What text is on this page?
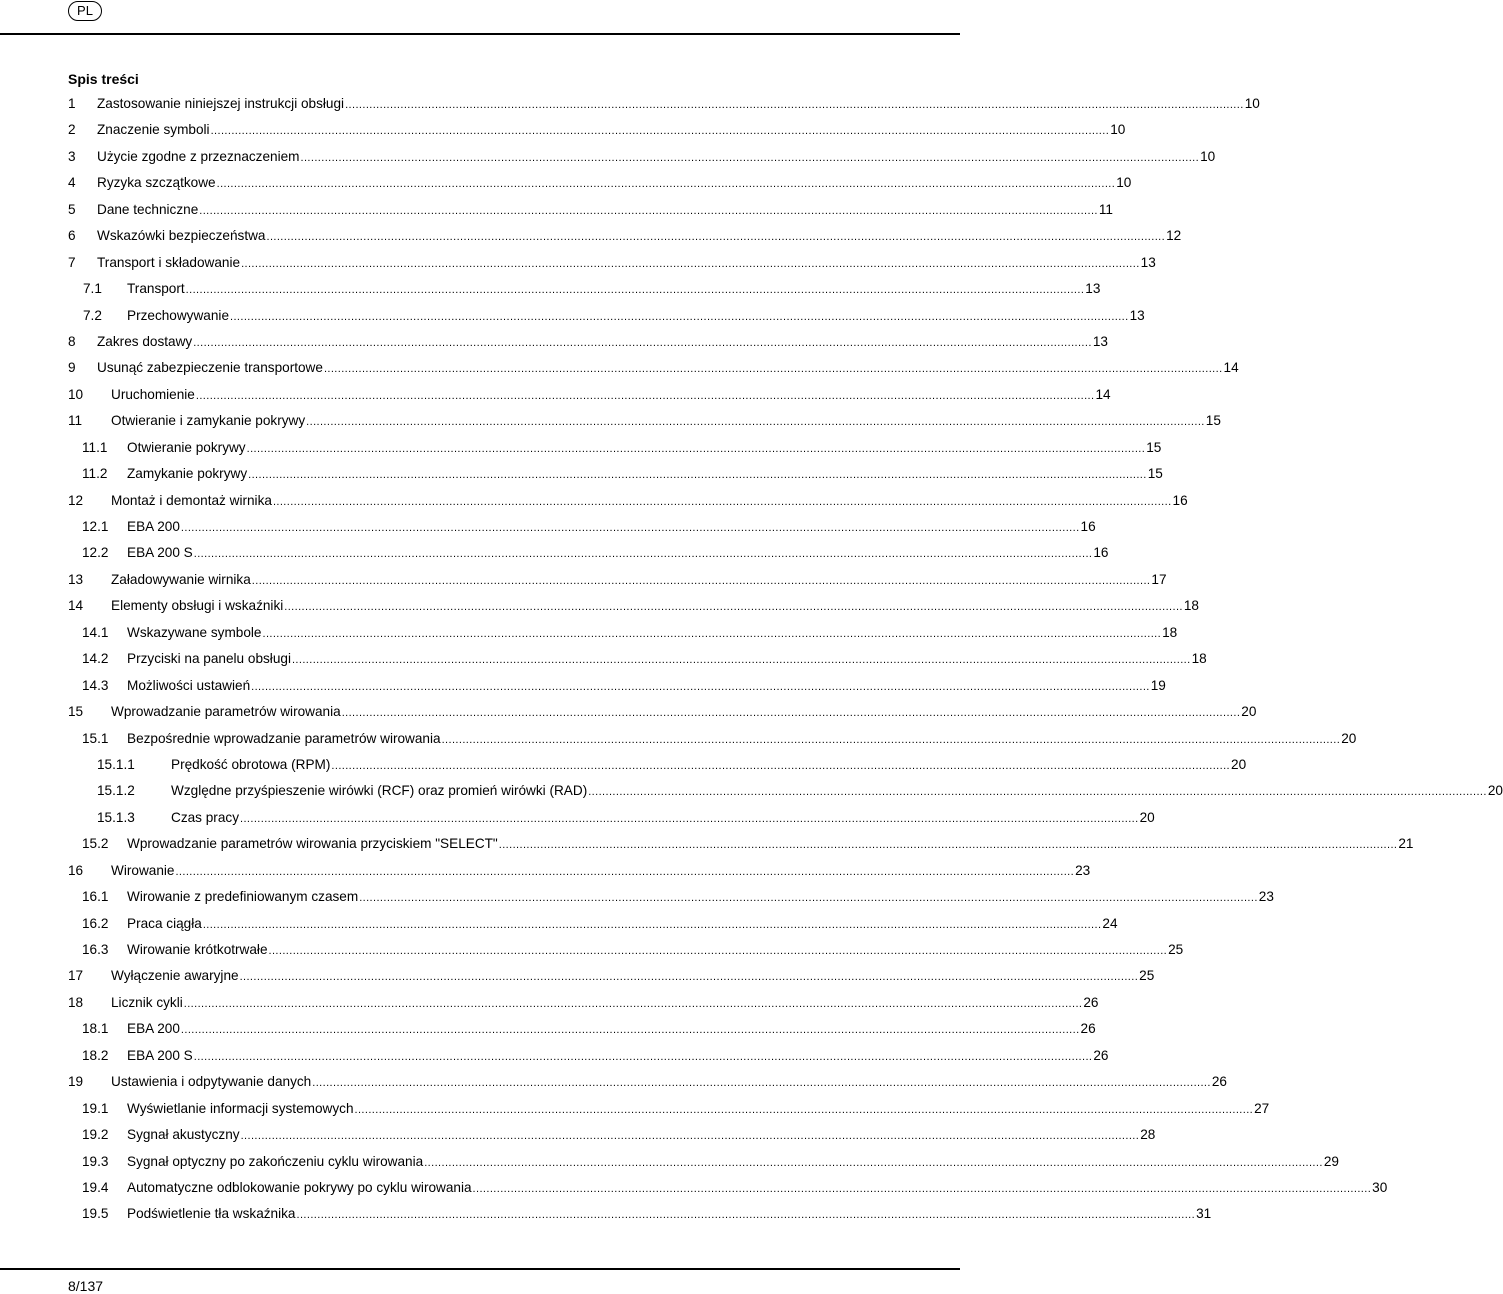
PL
Spis treści
1	Zastosowanie niniejszej instrukcji obsługi .................................................................................................................................................................................................................................................................... 10
2	Znaczenie symboli .................................................................................................................................................................................................................................................................... 10
3	Użycie zgodne z przeznaczeniem .................................................................................................................................................................................................................................................................... 10
4	Ryzyka szczątkowe .................................................................................................................................................................................................................................................................... 10
5	Dane techniczne .................................................................................................................................................................................................................................................................... 11
6	Wskazówki bezpieczeństwa .................................................................................................................................................................................................................................................................... 12
7	Transport i składowanie .................................................................................................................................................................................................................................................................... 13
7.1	Transport .................................................................................................................................................................................................................................................................... 13
7.2	Przechowywanie .................................................................................................................................................................................................................................................................... 13
8	Zakres dostawy .................................................................................................................................................................................................................................................................... 13
9	Usunąć zabezpieczenie transportowe .................................................................................................................................................................................................................................................................... 14
10	Uruchomienie .................................................................................................................................................................................................................................................................... 14
11	Otwieranie i zamykanie pokrywy .................................................................................................................................................................................................................................................................... 15
11.1	Otwieranie pokrywy .................................................................................................................................................................................................................................................................... 15
11.2	Zamykanie pokrywy .................................................................................................................................................................................................................................................................... 15
12	Montaż i demontaż wirnika .................................................................................................................................................................................................................................................................... 16
12.1	EBA 200 .................................................................................................................................................................................................................................................................... 16
12.2	EBA 200 S .................................................................................................................................................................................................................................................................... 16
13	Załadowywanie wirnika .................................................................................................................................................................................................................................................................... 17
14	Elementy obsługi i wskaźniki .................................................................................................................................................................................................................................................................... 18
14.1	Wskazywane symbole .................................................................................................................................................................................................................................................................... 18
14.2	Przyciski na panelu obsługi .................................................................................................................................................................................................................................................................... 18
14.3	Możliwości ustawień .................................................................................................................................................................................................................................................................... 19
15	Wprowadzanie parametrów wirowania .................................................................................................................................................................................................................................................................... 20
15.1	Bezpośrednie wprowadzanie parametrów wirowania .................................................................................................................................................................................................................................................................... 20
15.1.1	Prędkość obrotowa (RPM) .................................................................................................................................................................................................................................................................... 20
15.1.2	Względne przyśpieszenie wirówki (RCF) oraz promień wirówki (RAD) .................................................................................................................................................................................................................................................................... 20
15.1.3	Czas pracy .................................................................................................................................................................................................................................................................... 20
15.2	Wprowadzanie parametrów wirowania przyciskiem "SELECT" .................................................................................................................................................................................................................................................................... 21
16	Wirowanie .................................................................................................................................................................................................................................................................... 23
16.1	Wirowanie z predefiniowanym czasem .................................................................................................................................................................................................................................................................... 23
16.2	Praca ciągła .................................................................................................................................................................................................................................................................... 24
16.3	Wirowanie krótkotrwałe .................................................................................................................................................................................................................................................................... 25
17	Wyłączenie awaryjne .................................................................................................................................................................................................................................................................... 25
18	Licznik cykli .................................................................................................................................................................................................................................................................... 26
18.1	EBA 200 .................................................................................................................................................................................................................................................................... 26
18.2	EBA 200 S .................................................................................................................................................................................................................................................................... 26
19	Ustawienia i odpytywanie danych .................................................................................................................................................................................................................................................................... 26
19.1	Wyświetlanie informacji systemowych .................................................................................................................................................................................................................................................................... 27
19.2	Sygnał akustyczny .................................................................................................................................................................................................................................................................... 28
19.3	Sygnał optyczny po zakończeniu cyklu wirowania .................................................................................................................................................................................................................................................................... 29
19.4	Automatyczne odblokowanie pokrywy po cyklu wirowania .................................................................................................................................................................................................................................................................... 30
19.5	Podświetlenie tła wskaźnika .................................................................................................................................................................................................................................................................... 31
8/137
